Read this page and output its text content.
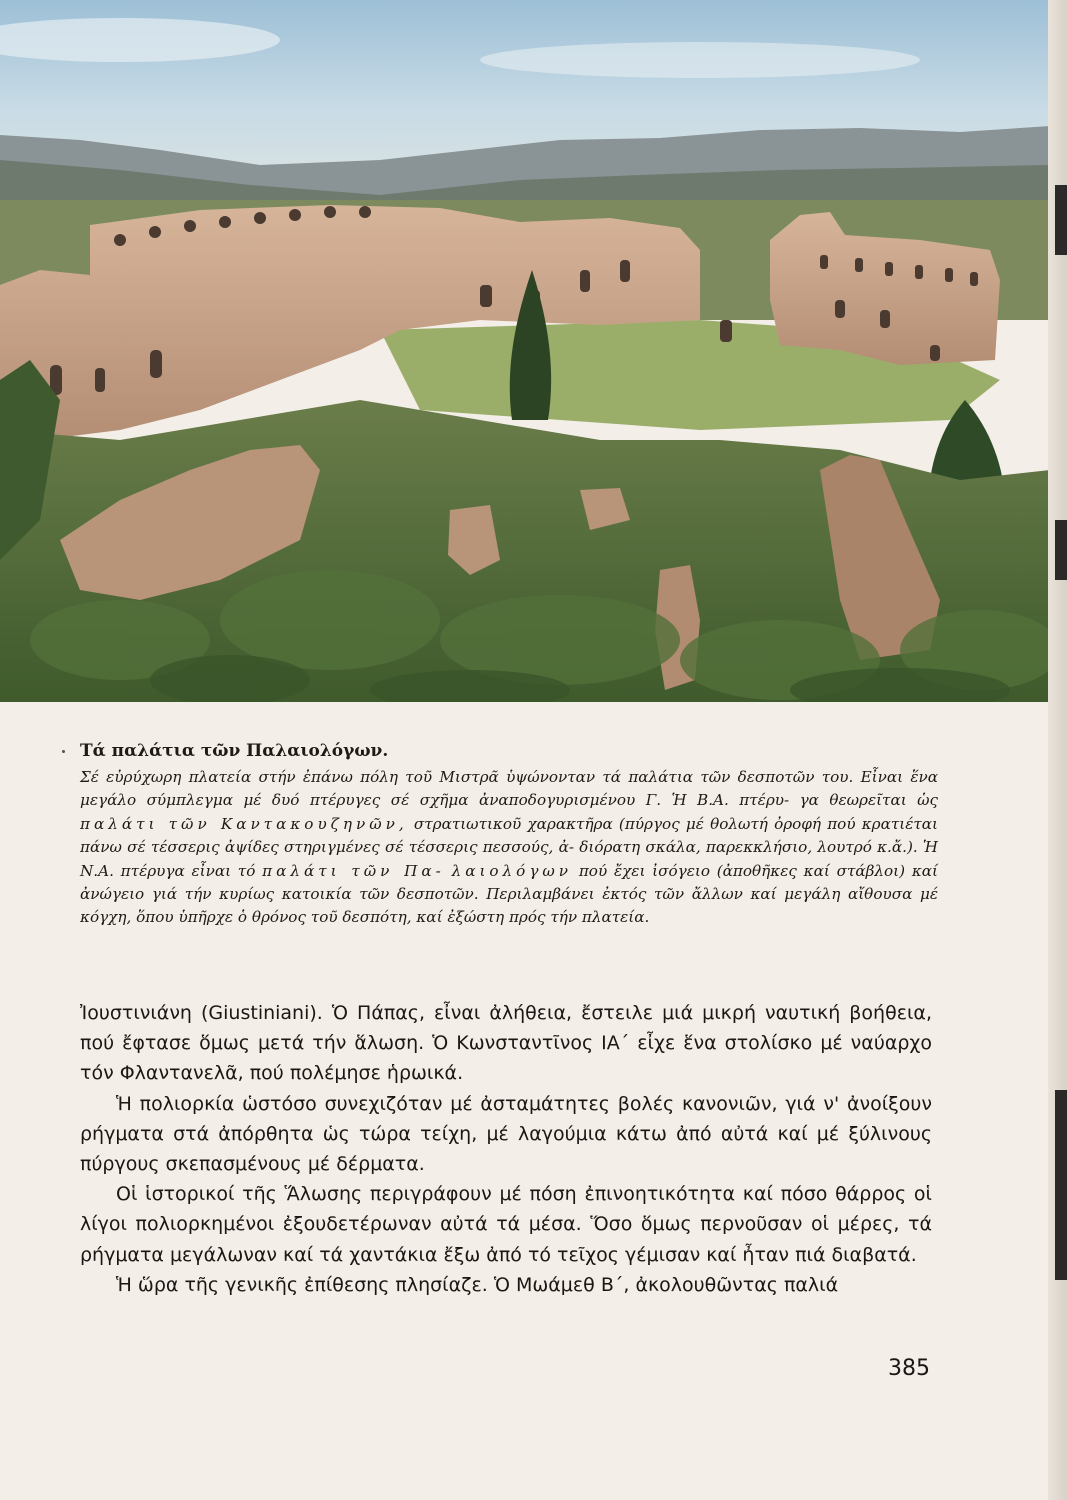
Τά παλάτια τῶν Παλαιολόγων.

Σέ εὐρύχωρη πλατεία στήν ἐπάνω πόλη τοῦ Μιστρᾶ ὑψώνονταν τά παλάτια τῶν δεσποτῶν του. Εἶναι ἕνα μεγάλο σύμπλεγμα μέ δυό πτέρυγες σέ σχῆμα ἀναποδογυρισμένου Γ. Ἡ Β.Α. πτέρυ- γα θεωρεῖται ὡς παλάτι τῶν Καντακουζηνῶν, στρατιωτικοῦ χαρακτῆρα (πύργος μέ θολωτή ὀροφή πού κρατιέται πάνω σέ τέσσερις ἀψίδες στηριγμένες σέ τέσσερις πεσσούς, ἀ- διόρατη σκάλα, παρεκκλήσιο, λουτρό κ.ἄ.). Ἡ Ν.Α. πτέρυγα εἶναι τό παλάτι τῶν Πα- λαιολόγων πού ἔχει ἰσόγειο (ἀποθῆκες καί στάβλοι) καί ἀνώγειο γιά τήν κυρίως κατοικία τῶν δεσποτῶν. Περιλαμβάνει ἐκτός τῶν ἄλλων καί μεγάλη αἴθουσα μέ κόγχη, ὅπου ὑπῆρχε ὁ θρόνος τοῦ δεσπότη, καί ἐξώστη πρός τήν πλατεία.

Ἰουστινιάνη (Giustiniani). Ὁ Πάπας, εἶναι ἀλήθεια, ἔστειλε μιά μικρή ναυτική βοήθεια, πού ἔφτασε ὅμως μετά τήν ἅλωση. Ὁ Κωνσταντῖνος ΙΑ΄ εἶχε ἕνα στολίσκο μέ ναύαρχο τόν Φλαντανελᾶ, πού πολέμησε ἡρωικά.

Ἡ πολιορκία ὡστόσο συνεχιζόταν μέ ἀσταμάτητες βολές κανονιῶν, γιά ν' ἀνοίξουν ρήγματα στά ἀπόρθητα ὡς τώρα τείχη, μέ λαγούμια κάτω ἀπό αὐτά καί μέ ξύλινους πύργους σκεπασμένους μέ δέρματα.

Οἱ ἱστορικοί τῆς Ἅλωσης περιγράφουν μέ πόση ἐπινοητικότητα καί πόσο θάρρος οἱ λίγοι πολιορκημένοι ἐξουδετέρωναν αὐτά τά μέσα. Ὅσο ὅμως περνοῦσαν οἱ μέρες, τά ρήγματα μεγάλωναν καί τά χαντάκια ἔξω ἀπό τό τεῖχος γέμισαν καί ἦταν πιά διαβατά.

Ἡ ὥρα τῆς γενικῆς ἐπίθεσης πλησίαζε. Ὁ Μωάμεθ Β΄, ἀκολουθῶντας παλιά

385
